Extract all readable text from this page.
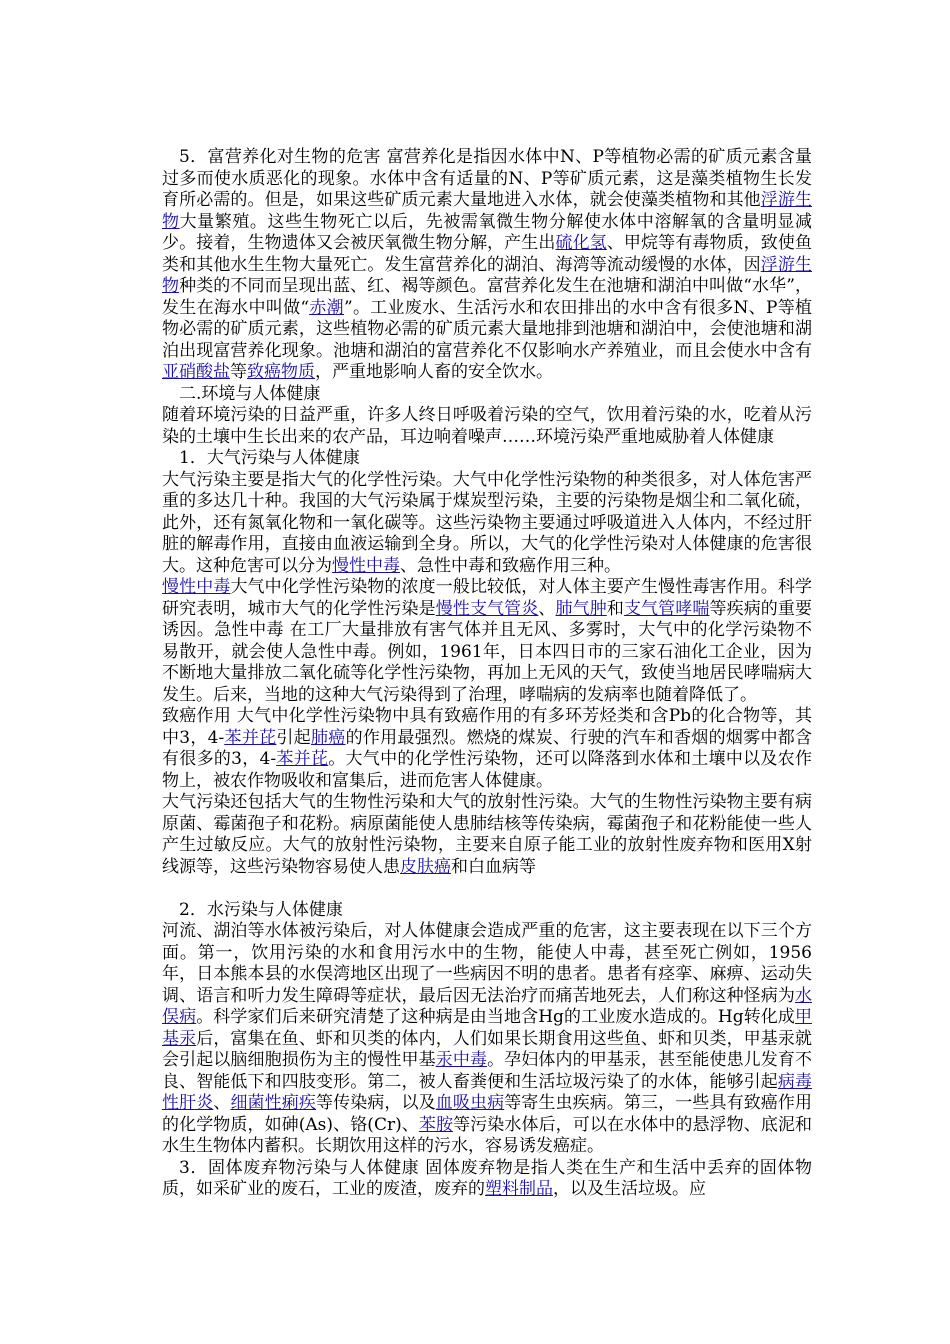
5．富营养化对生物的危害 富营养化是指因水体中N、P等植物必需的矿质元素含量过多而使水质恶化的现象。水体中含有适量的N、P等矿质元素，这是藻类植物生长发育所必需的。但是，如果这些矿质元素大量地进入水体，就会使藻类植物和其他浮游生物大量繁殖。这些生物死亡以后，先被需氧微生物分解使水体中溶解氧的含量明显减少。接着，生物遗体又会被厌氧微生物分解，产生出硫化氢、甲烷等有毒物质，致使鱼类和其他水生生物大量死亡。发生富营养化的湖泊、海湾等流动缓慢的水体，因浮游生物种类的不同而呈现出蓝、红、褐等颜色。富营养化发生在池塘和湖泊中叫做“水华”，发生在海水中叫做“赤潮”。工业废水、生活污水和农田排出的水中含有很多N、P等植物必需的矿质元素，这些植物必需的矿质元素大量地排到池塘和湖泊中，会使池塘和湖泊出现富营养化现象。池塘和湖泊的富营养化不仅影响水产养殖业，而且会使水中含有亚硝酸盐等致癌物质，严重地影响人畜的安全饮水。

二.环境与人体健康

随着环境污染的日益严重，许多人终日呼吸着污染的空气，饮用着污染的水，吃着从污染的土壤中生长出来的农产品，耳边响着噪声……环境污染严重地威胁着人体健康

1．大气污染与人体健康

大气污染主要是指大气的化学性污染。大气中化学性污染物的种类很多，对人体危害严重的多达几十种。我国的大气污染属于煤炭型污染，主要的污染物是烟尘和二氧化硫，此外，还有氮氧化物和一氧化碳等。这些污染物主要通过呼吸道进入人体内，不经过肝脏的解毒作用，直接由血液运输到全身。所以，大气的化学性污染对人体健康的危害很大。这种危害可以分为慢性中毒、急性中毒和致癌作用三种。

慢性中毒大气中化学性污染物的浓度一般比较低，对人体主要产生慢性毒害作用。科学研究表明，城市大气的化学性污染是慢性支气管炎、肺气肿和支气管哮喘等疾病的重要诱因。急性中毒 在工厂大量排放有害气体并且无风、多雾时，大气中的化学污染物不易散开，就会使人急性中毒。例如，1961年，日本四日市的三家石油化工企业，因为不断地大量排放二氧化硫等化学性污染物，再加上无风的天气，致使当地居民哮喘病大发生。后来，当地的这种大气污染得到了治理，哮喘病的发病率也随着降低了。

致癌作用 大气中化学性污染物中具有致癌作用的有多环芳烃类和含Pb的化合物等，其中3，4-苯并芘引起肺癌的作用最强烈。燃烧的煤炭、行驶的汽车和香烟的烟雾中都含有很多的3，4-苯并芘。大气中的化学性污染物，还可以降落到水体和土壤中以及农作物上，被农作物吸收和富集后，进而危害人体健康。

大气污染还包括大气的生物性污染和大气的放射性污染。大气的生物性污染物主要有病原菌、霉菌孢子和花粉。病原菌能使人患肺结核等传染病，霉菌孢子和花粉能使一些人产生过敏反应。大气的放射性污染物，主要来自原子能工业的放射性废弃物和医用X射线源等，这些污染物容易使人患皮肤癌和白血病等

2．水污染与人体健康

河流、湖泊等水体被污染后，对人体健康会造成严重的危害，这主要表现在以下三个方面。第一，饮用污染的水和食用污水中的生物，能使人中毒，甚至死亡例如，1956年，日本熊本县的水俣湾地区出现了一些病因不明的患者。患者有痉挛、麻痹、运动失调、语言和听力发生障碍等症状，最后因无法治疗而痛苦地死去，人们称这种怪病为水俣病。科学家们后来研究清楚了这种病是由当地含Hg的工业废水造成的。Hg转化成甲基汞后，富集在鱼、虾和贝类的体内，人们如果长期食用这些鱼、虾和贝类，甲基汞就会引起以脑细胞损伤为主的慢性甲基汞中毒。孕妇体内的甲基汞，甚至能使患儿发育不良、智能低下和四肢变形。第二，被人畜粪便和生活垃圾污染了的水体，能够引起病毒性肝炎、细菌性痢疾等传染病，以及血吸虫病等寄生虫疾病。第三，一些具有致癌作用的化学物质，如砷(As)、铬(Cr)、苯胺等污染水体后，可以在水体中的悬浮物、底泥和水生生物体内蓄积。长期饮用这样的污水，容易诱发癌症。

3．固体废弃物污染与人体健康 固体废弃物是指人类在生产和生活中丢弃的固体物质，如采矿业的废石，工业的废渣，废弃的塑料制品，以及生活垃圾。应
